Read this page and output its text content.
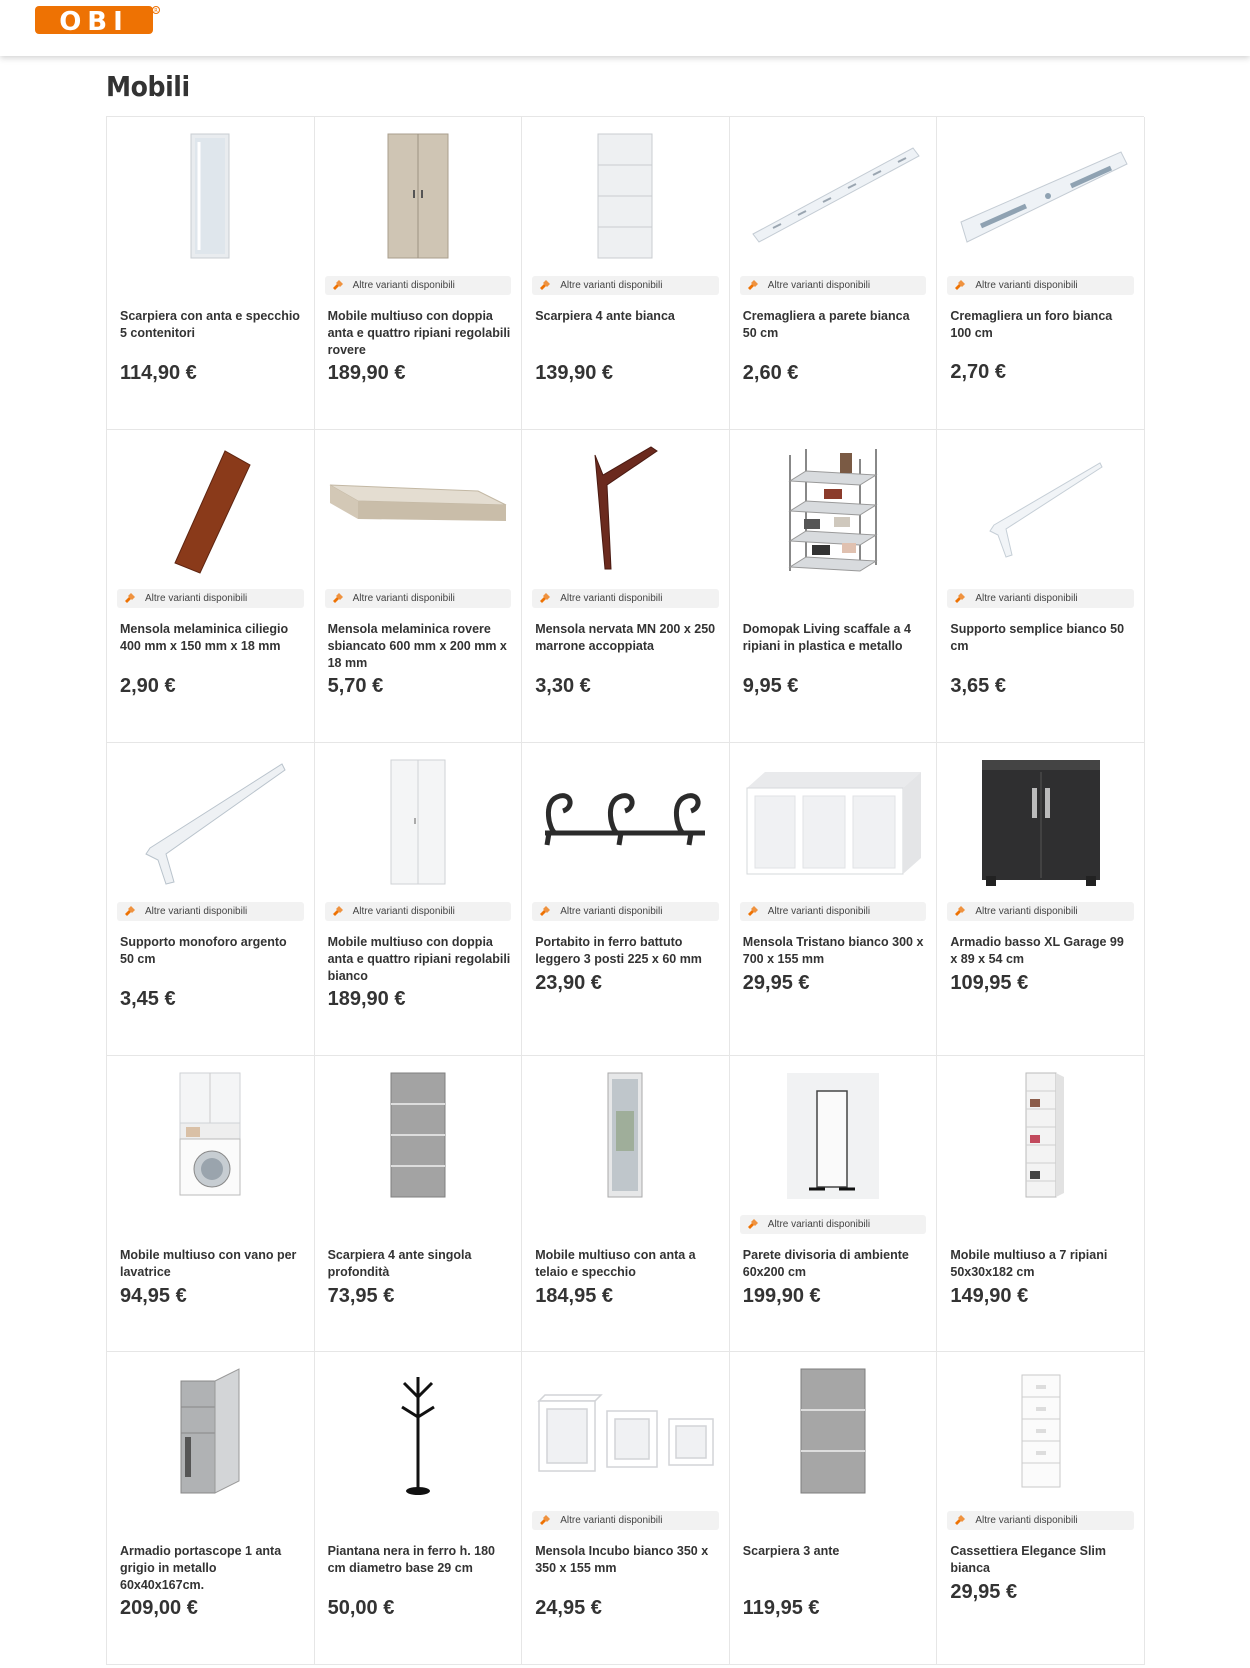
OBI	R
Mobili
Scarpiera con anta e specchio 5 contenitori
114,90 €
Altre varianti disponibili
Mobile multiuso con doppia anta e quattro ripiani regolabili rovere
189,90 €
Altre varianti disponibili
Scarpiera 4 ante bianca
139,90 €
Altre varianti disponibili
Cremagliera a parete bianca 50 cm
2,60 €
Altre varianti disponibili
Cremagliera un foro bianca 100 cm
2,70 €
Altre varianti disponibili
Mensola melaminica ciliegio 400 mm x 150 mm x 18 mm
2,90 €
Altre varianti disponibili
Mensola melaminica rovere sbiancato 600 mm x 200 mm x 18 mm
5,70 €
Altre varianti disponibili
Mensola nervata MN 200 x 250 marrone accoppiata
3,30 €
Domopak Living scaffale a 4 ripiani in plastica e metallo
9,95 €
Altre varianti disponibili
Supporto semplice bianco 50 cm
3,65 €
Altre varianti disponibili
Supporto monoforo argento 50 cm
3,45 €
Altre varianti disponibili
Mobile multiuso con doppia anta e quattro ripiani regolabili bianco
189,90 €
Altre varianti disponibili
Portabito in ferro battuto leggero 3 posti 225 x 60 mm
23,90 €
Altre varianti disponibili
Mensola Tristano bianco 300 x 700 x 155 mm
29,95 €
Altre varianti disponibili
Armadio basso XL Garage 99 x 89 x 54 cm
109,95 €
Mobile multiuso con vano per lavatrice
94,95 €
Scarpiera 4 ante singola profondità
73,95 €
Mobile multiuso con anta a telaio e specchio
184,95 €
Altre varianti disponibili
Parete divisoria di ambiente 60x200 cm
199,90 €
Mobile multiuso a 7 ripiani 50x30x182 cm
149,90 €
Armadio portascope 1 anta grigio in metallo 60x40x167cm.
209,00 €
Piantana nera in ferro h. 180 cm diametro base 29 cm
50,00 €
Altre varianti disponibili
Mensola Incubo bianco 350 x 350 x 155 mm
24,95 €
Scarpiera 3 ante
119,95 €
Altre varianti disponibili
Cassettiera Elegance Slim bianca
29,95 €
